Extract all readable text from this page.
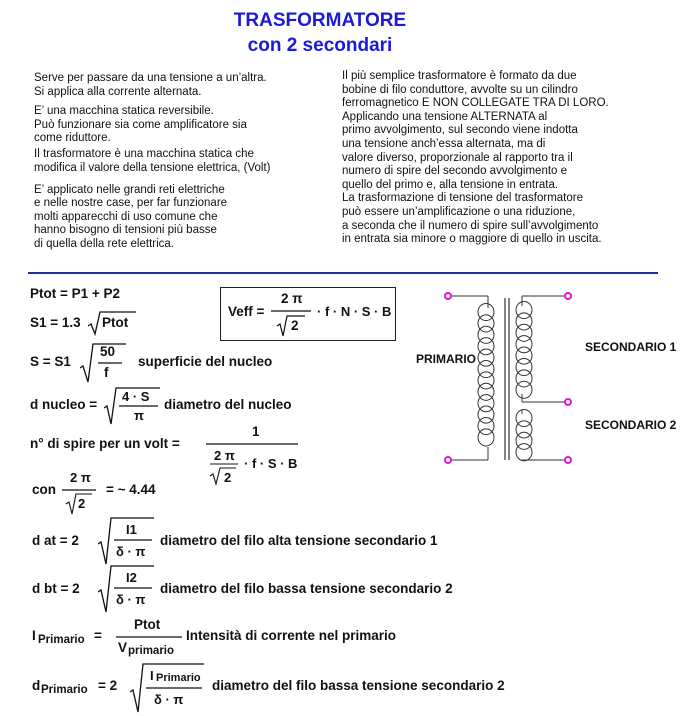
TRASFORMATORE
con 2 secondari
Serve per passare da una tensione a un’altra.
Si applica alla corrente alternata.
E’ una macchina statica reversibile.
Può funzionare sia come amplificatore sia
come riduttore.
Il trasformatore è una macchina statica che
modifica il valore della tensione elettrica, (Volt)
E’ applicato nelle grandi reti elettriche
e nelle nostre case, per far funzionare
molti apparecchi di uso comune che
hanno bisogno di tensioni più basse
di quella della rete elettrica.
Il più semplice trasformatore è formato da due
bobine di filo conduttore, avvolte su un cilindro
ferromagnetico E NON COLLEGATE TRA DI LORO.
Applicando una tensione ALTERNATA al
primo avvolgimento, sul secondo viene indotta
una tensione anch’essa alternata, ma di
valore diverso, proporzionale al rapporto tra il
numero di spire del secondo avvolgimento e
quello del primo e, alla tensione in entrata.
La trasformazione di tensione del trasformatore
può essere un’amplificazione o una riduzione,
a seconda che il numero di spire sull’avvolgimento
in entrata sia minore o maggiore di quello in uscita.
Ptot = P1 + P2
S1 = 1.3 Ptot
S = S1
50
f
superficie del nucleo
d nucleo =
4 · S
π
diametro del nucleo
Veff =
2 π
2
· f · N · S · B
n° di spire per un volt =
1
2 π
2
· f · S · B
con
2 π
2
= ~ 4.44
d at = 2
I1
δ · π
diametro del filo alta tensione secondario 1
d bt = 2
I2
δ · π
diametro del filo bassa tensione secondario 2
I Primario =
Ptot
V primario
Intensità di corrente nel primario
d Primario = 2
I Primario
δ · π
diametro del filo bassa tensione secondario 2
PRIMARIO
SECONDARIO 1
SECONDARIO 2
